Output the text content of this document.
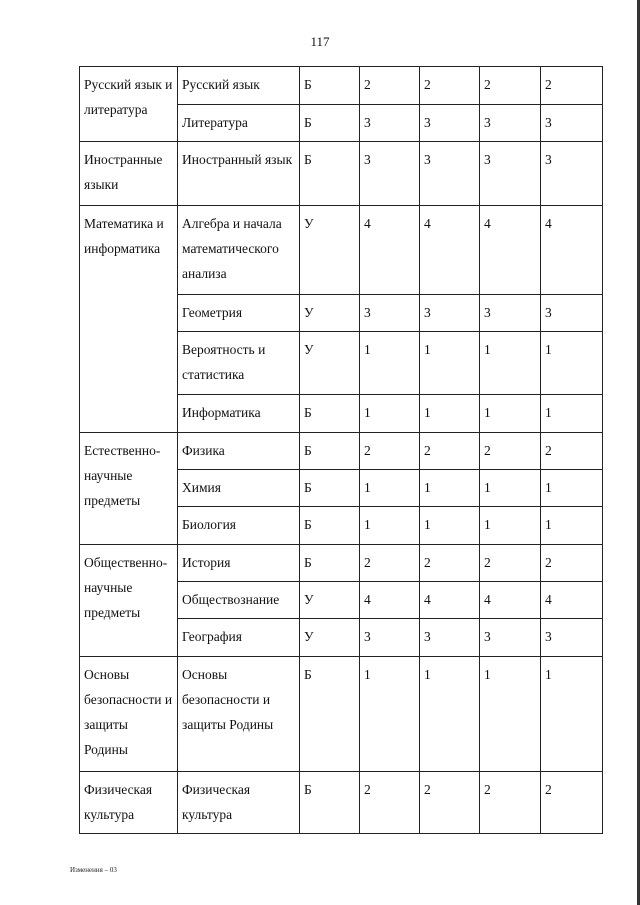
117
Русский язык и литература	Русский язык	Б	2	2	2	2
	Литература	Б	3	3	3	3
Иностранные языки	Иностранный язык	Б	3	3	3	3
Математика и информатика	Алгебра и начала математического анализа	У	4	4	4	4
	Геометрия	У	3	3	3	3
	Вероятность и статистика	У	1	1	1	1
	Информатика	Б	1	1	1	1
Естественно-научные предметы	Физика	Б	2	2	2	2
	Химия	Б	1	1	1	1
	Биология	Б	1	1	1	1
Общественно-научные предметы	История	Б	2	2	2	2
	Обществознание	У	4	4	4	4
	География	У	3	3	3	3
Основы безопасности и защиты Родины	Основы безопасности и защиты Родины	Б	1	1	1	1
Физическая культура	Физическая культура	Б	2	2	2	2
Изменения – 03
